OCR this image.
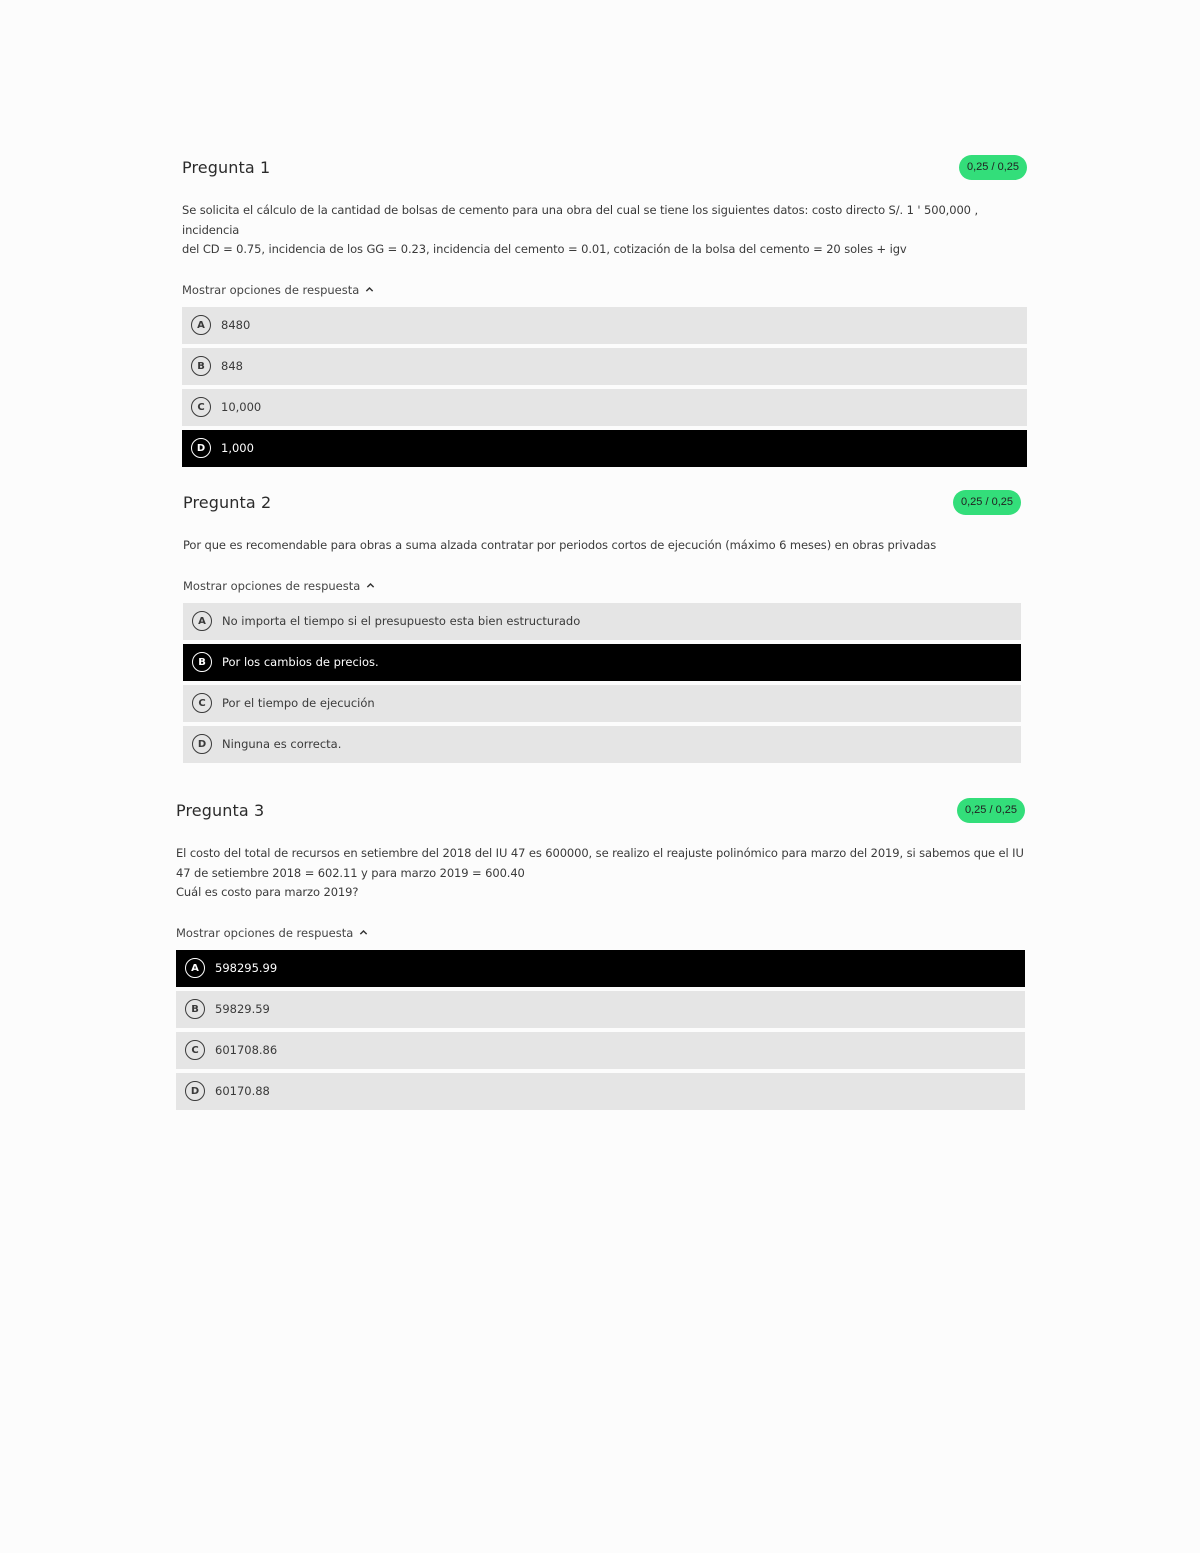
Pregunta 1	0,25 / 0,25
Se solicita el cálculo de la cantidad de bolsas de cemento para una obra del cual se tiene los siguientes datos: costo directo S/. 1 ' 500,000 , incidencia
del CD = 0.75, incidencia de los GG = 0.23, incidencia del cemento = 0.01, cotización de la bolsa del cemento = 20 soles + igv
Mostrar opciones de respuesta
A	8480
B	848
C	10,000
D	1,000
Pregunta 2	0,25 / 0,25
Por que es recomendable para obras a suma alzada contratar por periodos cortos de ejecución (máximo 6 meses) en obras privadas
Mostrar opciones de respuesta
A	No importa el tiempo si el presupuesto esta bien estructurado
B	Por los cambios de precios.
C	Por el tiempo de ejecución
D	Ninguna es correcta.
Pregunta 3	0,25 / 0,25
El costo del total de recursos en setiembre del 2018 del IU 47 es 600000, se realizo el reajuste polinómico para marzo del 2019, si sabemos que el IU
47 de setiembre 2018 = 602.11 y para marzo 2019 = 600.40
Cuál es costo para marzo 2019?
Mostrar opciones de respuesta
A	598295.99
B	59829.59
C	601708.86
D	60170.88
